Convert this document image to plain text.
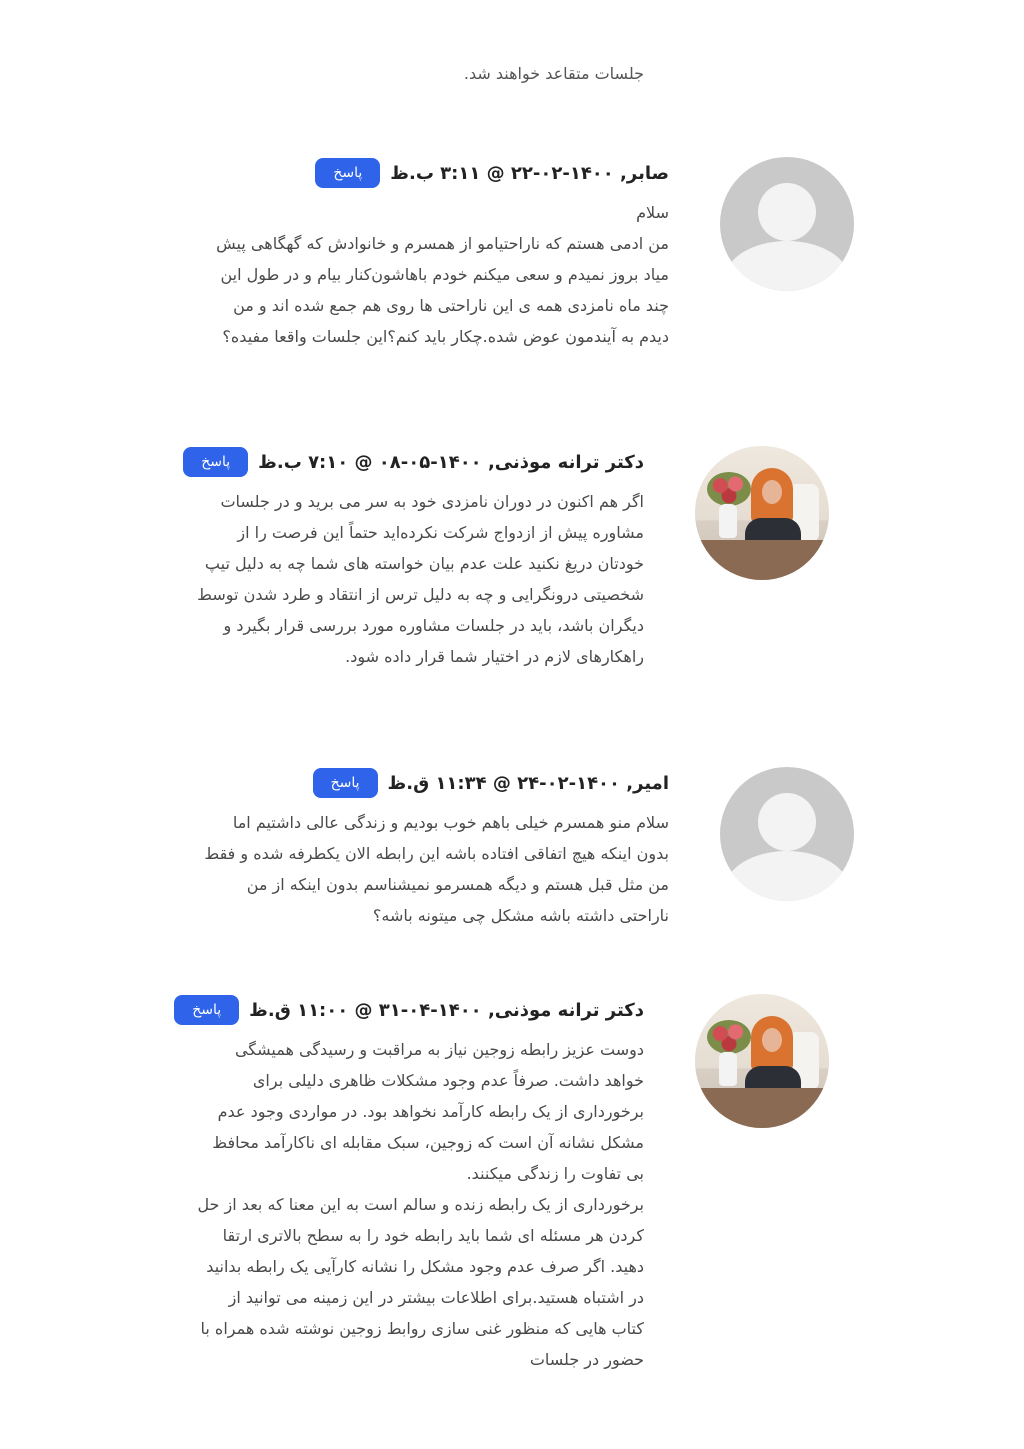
جلسات متقاعد خواهند شد.
صابر, ۱۴۰۰-۰۲-۲۲ @ ۳:۱۱ ب.ظ
پاسخ

سلام

من ادمی هستم که ناراحتیامو از همسرم و خانوادش که گهگاهی پیش میاد بروز نمیدم و سعی میکنم خودم باهاشون‌کنار بیام و در طول این چند ماه نامزدی همه ی این ناراحتی ها روی هم جمع شده اند و من دیدم به آیندمون عوض شده.چکار باید کنم؟این جلسات واقعا مفیده؟

دکتر ترانه موذنی, ۱۴۰۰-۰۵-۰۸ @ ۷:۱۰ ب.ظ
پاسخ

اگر هم اکنون در دوران نامزدی خود به سر می برید و در جلسات مشاوره پیش از ازدواج شرکت نکرده‌اید حتماً این فرصت را از خودتان دریغ نکنید علت عدم بیان خواسته های شما چه به دلیل تیپ شخصیتی درونگرایی و چه به دلیل ترس از انتقاد و طرد شدن توسط دیگران باشد، باید در جلسات مشاوره مورد بررسی قرار بگیرد و راهکارهای لازم در اختیار شما قرار داده شود.

امیر, ۱۴۰۰-۰۲-۲۴ @ ۱۱:۳۴ ق.ظ
پاسخ

سلام منو همسرم خیلی باهم خوب بودیم و زندگی عالی داشتیم اما بدون اینکه هیچ اتفاقی افتاده باشه این رابطه الان یکطرفه شده و فقط من مثل قبل هستم و دیگه همسرمو نمیشناسم بدون اینکه از من ناراحتی داشته باشه مشکل چی میتونه باشه؟

دکتر ترانه موذنی, ۱۴۰۰-۰۴-۳۱ @ ۱۱:۰۰ ق.ظ
پاسخ

دوست عزیز رابطه زوجین نیاز به مراقبت و رسیدگی همیشگی خواهد داشت. صرفاً عدم وجود مشکلات ظاهری دلیلی برای برخورداری از یک رابطه کارآمد نخواهد بود. در مواردی وجود عدم مشکل نشانه آن است که زوجین، سبک مقابله ای ناکارآمد محافظ بی تفاوت را زندگی میکنند.

برخورداری از یک رابطه زنده و سالم است به این معنا که بعد از حل کردن هر مسئله ای شما باید رابطه خود را به سطح بالاتری ارتقا دهید. اگر صرف عدم وجود مشکل را نشانه کارآیی یک رابطه بدانید در اشتباه هستید.برای اطلاعات بیشتر در این زمینه می توانید از کتاب هایی که منظور غنی سازی روابط زوجین نوشته شده همراه با حضور در جلسات
